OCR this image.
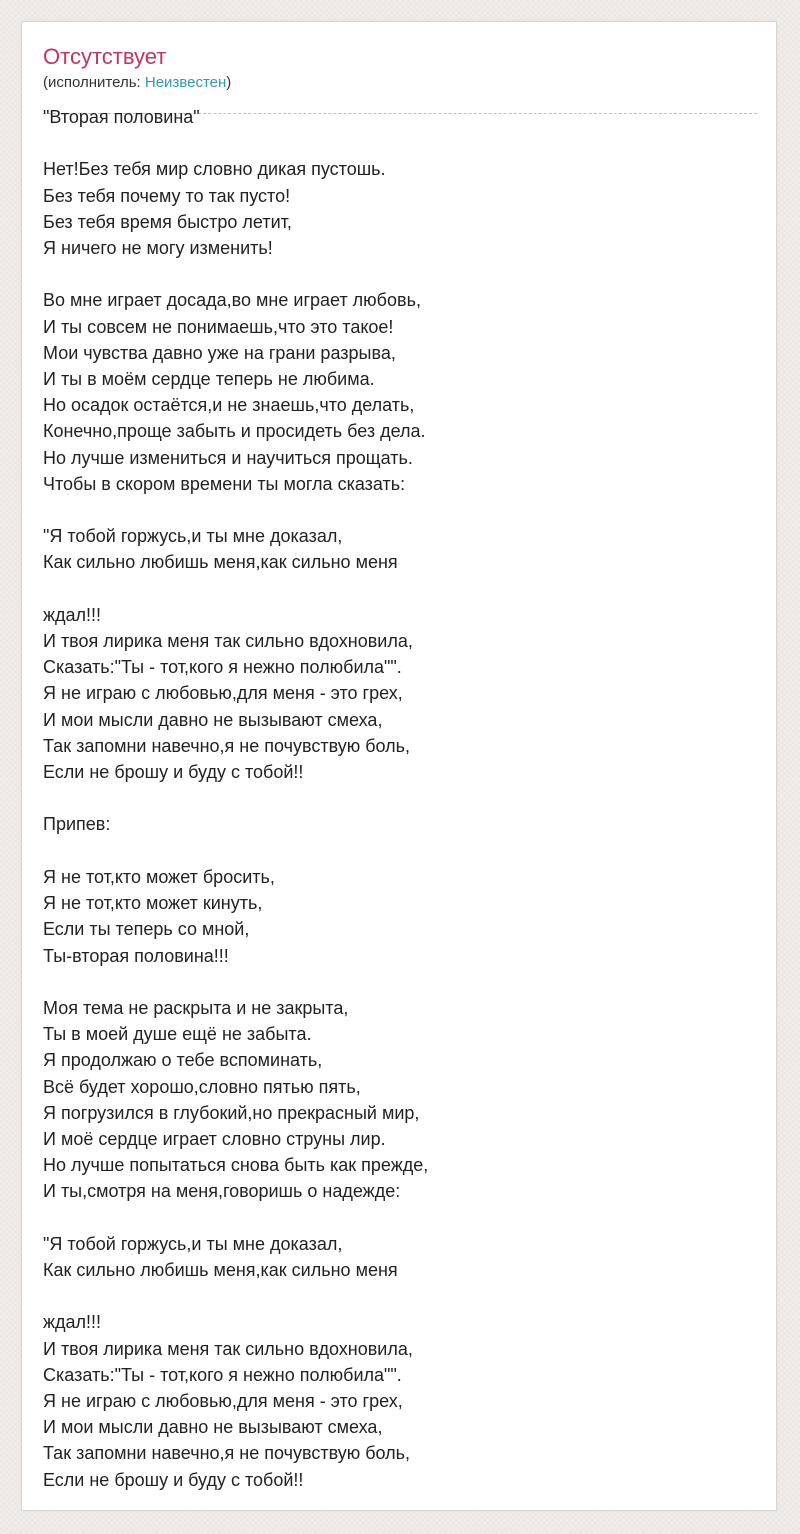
Отсутствует
(исполнитель: Неизвестен)
"Вторая половина"

Нет!Без тебя мир словно дикая пустошь.
Без тебя почему то так пусто!
Без тебя время быстро летит,
Я ничего не могу изменить!

Во мне играет досада,во мне играет любовь,
И ты совсем не понимаешь,что это такое!
Мои чувства давно уже на грани разрыва,
И ты в моём сердце теперь не любима.
Но осадок остаётся,и не знаешь,что делать,
Конечно,проще забыть и просидеть без дела.
Но лучше измениться и научиться прощать.
Чтобы в скором времени ты могла сказать:

"Я тобой горжусь,и ты мне доказал,
Как сильно любишь меня,как сильно меня

ждал!!!
И твоя лирика меня так сильно вдохновила,
Сказать:"Ты - тот,кого я нежно полюбила"".
Я не играю с любовью,для меня - это грех,
И мои мысли давно не вызывают смеха,
Так запомни навечно,я не почувствую боль,
Если не брошу и буду с тобой!!

Припев:

Я не тот,кто может бросить,
Я не тот,кто может кинуть,
Если ты теперь со мной,
Ты-вторая половина!!!

Моя тема не раскрыта и не закрыта,
Ты в моей душе ещё не забыта.
Я продолжаю о тебе вспоминать,
Всё будет хорошо,словно пятью пять,
Я погрузился в глубокий,но прекрасный мир,
И моё сердце играет словно струны лир.
Но лучше попытаться снова быть как прежде,
И ты,смотря на меня,говоришь о надежде:

"Я тобой горжусь,и ты мне доказал,
Как сильно любишь меня,как сильно меня

ждал!!!
И твоя лирика меня так сильно вдохновила,
Сказать:"Ты - тот,кого я нежно полюбила"".
Я не играю с любовью,для меня - это грех,
И мои мысли давно не вызывают смеха,
Так запомни навечно,я не почувствую боль,
Если не брошу и буду с тобой!!
